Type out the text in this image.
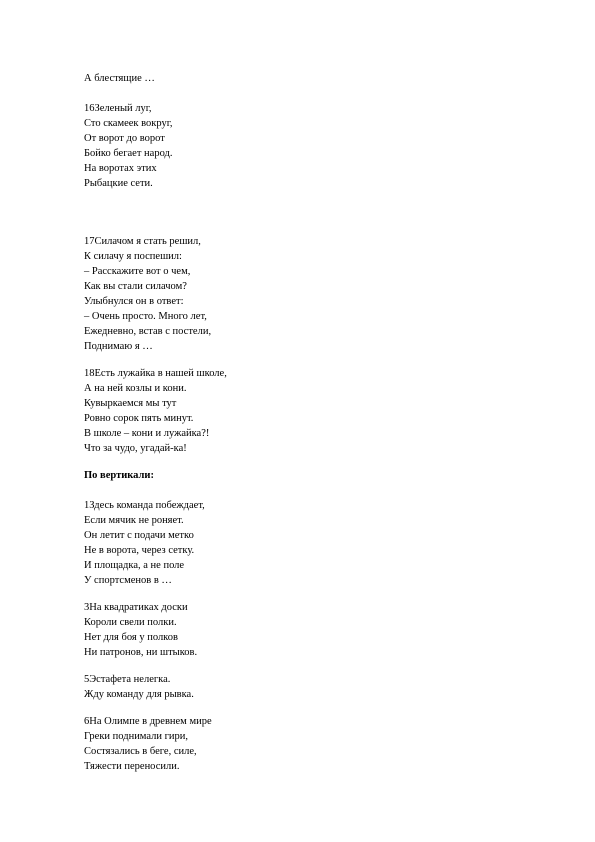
А блестящие …
16Зеленый луг,
Сто скамеек вокруг,
От ворот до ворот
Бойко бегает народ.
На воротах этих
Рыбацкие сети.
17Силачом я стать решил,
К силачу я поспешил:
– Расскажите вот о чем,
Как вы стали силачом?
Улыбнулся он в ответ:
– Очень просто. Много лет,
Ежедневно, встав с постели,
Поднимаю я …
18Есть лужайка в нашей школе,
А на ней козлы и кони.
Кувыркаемся мы тут
Ровно сорок пять минут.
В школе – кони и лужайка?!
Что за чудо, угадай-ка!
По вертикали:
1Здесь команда побеждает,
Если мячик не роняет.
Он летит с подачи метко
Не в ворота, через сетку.
И площадка, а не поле
У спортсменов в …
3На квадратиках доски
Короли свели полки.
Нет для боя у полков
Ни патронов, ни штыков.
5Эстафета нелегка.
Жду команду для рывка.
6На Олимпе в древнем мире
Греки поднимали гири,
Состязались в беге, силе,
Тяжести переносили.
